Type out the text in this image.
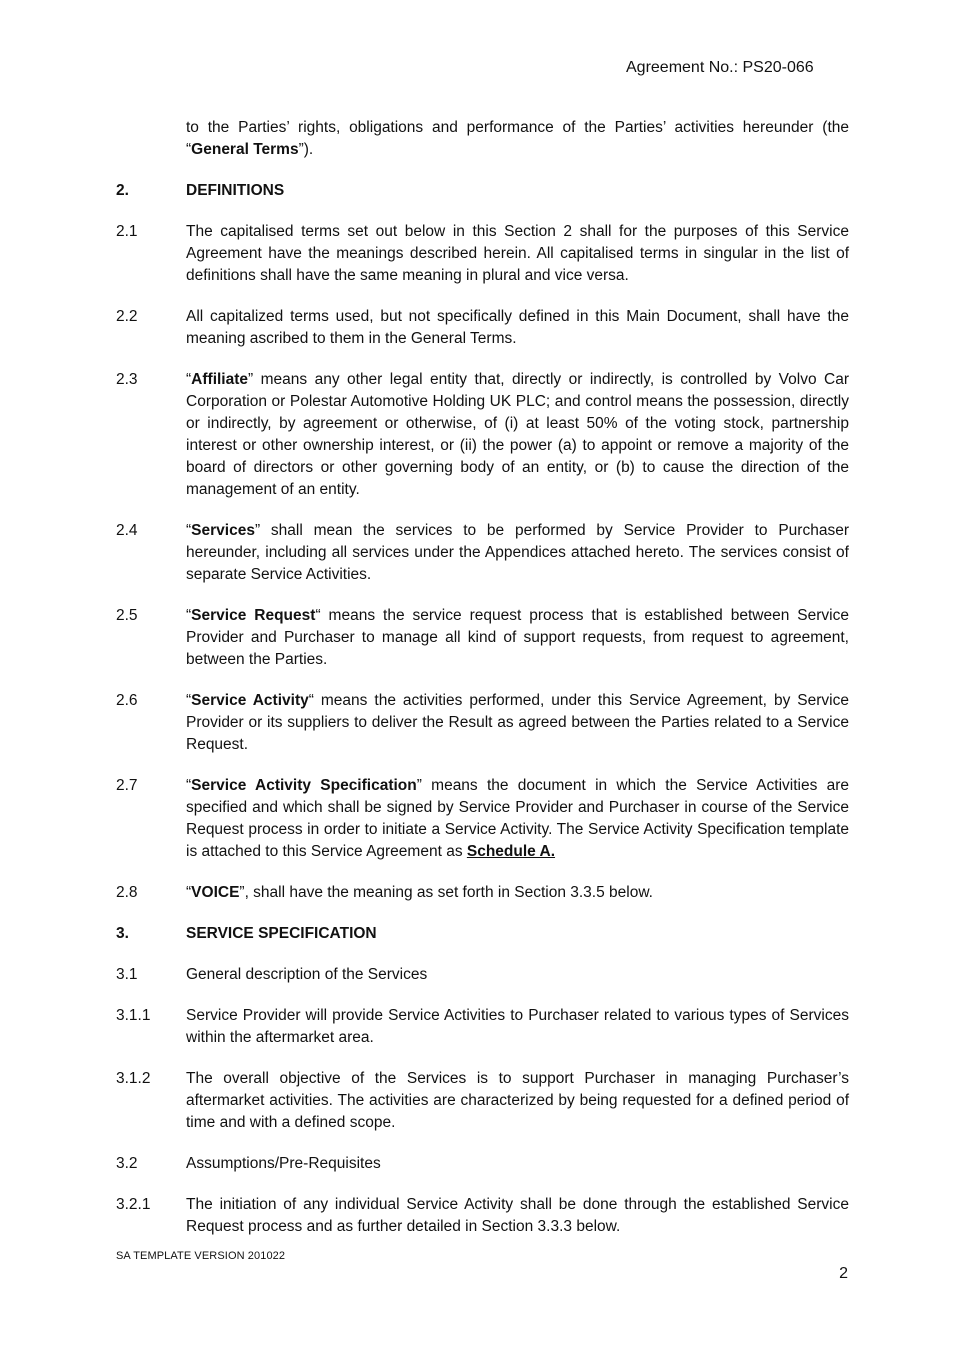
Agreement No.: PS20-066

to the Parties’ rights, obligations and performance of the Parties’ activities hereunder (the “General Terms”).

2.	DEFINITIONS
2.1	The capitalised terms set out below in this Section 2 shall for the purposes of this Service Agreement have the meanings described herein. All capitalised terms in singular in the list of definitions shall have the same meaning in plural and vice versa.

2.2	All capitalized terms used, but not specifically defined in this Main Document, shall have the meaning ascribed to them in the General Terms.

2.3	“Affiliate” means any other legal entity that, directly or indirectly, is controlled by Volvo Car Corporation or Polestar Automotive Holding UK PLC; and control means the possession, directly or indirectly, by agreement or otherwise, of (i) at least 50% of the voting stock, partnership interest or other ownership interest, or (ii) the power (a) to appoint or remove a majority of the board of directors or other governing body of an entity, or (b) to cause the direction of the management of an entity.

2.4	“Services” shall mean the services to be performed by Service Provider to Purchaser hereunder, including all services under the Appendices attached hereto. The services consist of separate Service Activities.

2.5	“Service Request“ means the service request process that is established between Service Provider and Purchaser to manage all kind of support requests, from request to agreement, between the Parties.

2.6	“Service Activity“ means the activities performed, under this Service Agreement, by Service Provider or its suppliers to deliver the Result as agreed between the Parties related to a Service Request.

2.7	“Service Activity Specification” means the document in which the Service Activities are specified and which shall be signed by Service Provider and Purchaser in course of the Service Request process in order to initiate a Service Activity. The Service Activity Specification template is attached to this Service Agreement as Schedule A.

2.8	“VOICE”, shall have the meaning as set forth in Section 3.3.5 below.

3.	SERVICE SPECIFICATION
3.1	General description of the Services

3.1.1	Service Provider will provide Service Activities to Purchaser related to various types of Services within the aftermarket area.

3.1.2	The overall objective of the Services is to support Purchaser in managing Purchaser’s aftermarket activities. The activities are characterized by being requested for a defined period of time and with a defined scope.

3.2	Assumptions/Pre-Requisites

3.2.1	The initiation of any individual Service Activity shall be done through the established Service Request process and as further detailed in Section 3.3.3 below.

SA TEMPLATE VERSION 201022
2
